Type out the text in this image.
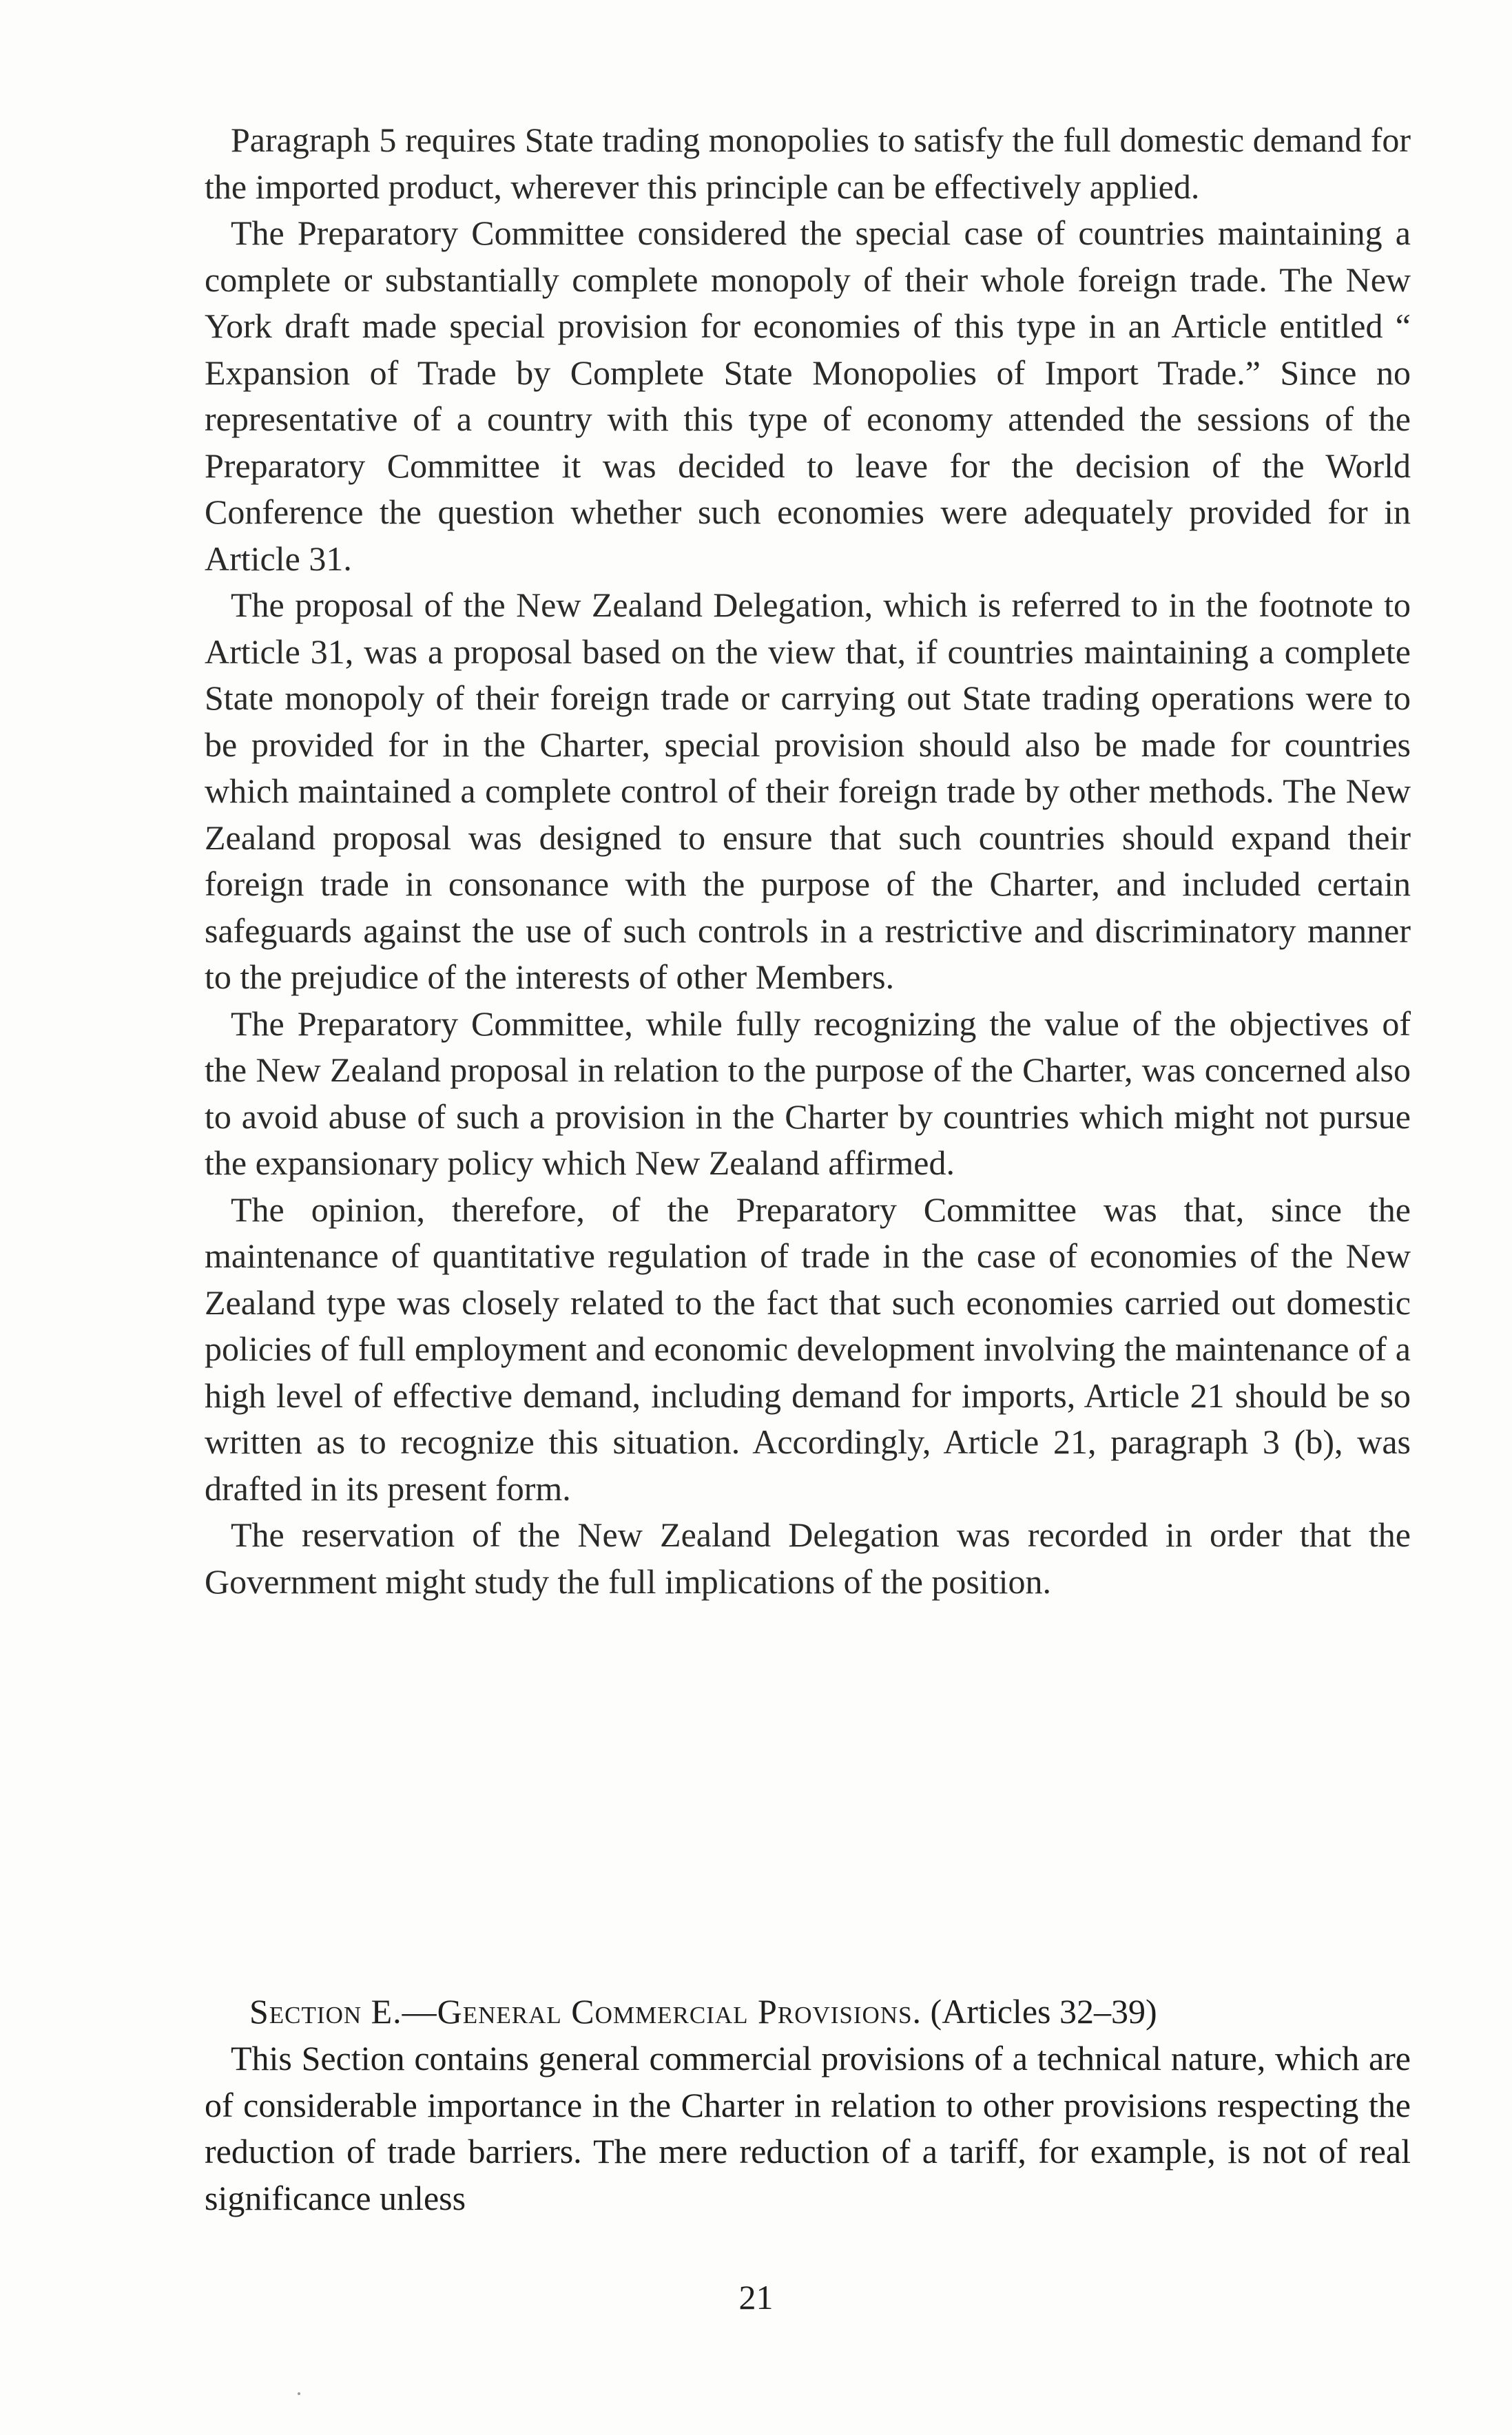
Paragraph 5 requires State trading monopolies to satisfy the full domestic demand for the imported product, wherever this principle can be effectively applied.

The Preparatory Committee considered the special case of countries maintaining a complete or substantially complete monopoly of their whole foreign trade. The New York draft made special provision for economies of this type in an Article entitled “ Expansion of Trade by Complete State Monopolies of Import Trade.” Since no representative of a country with this type of economy attended the sessions of the Preparatory Committee it was decided to leave for the decision of the World Conference the question whether such economies were adequately provided for in Article 31.

The proposal of the New Zealand Delegation, which is referred to in the footnote to Article 31, was a proposal based on the view that, if countries maintaining a complete State monopoly of their foreign trade or carrying out State trading operations were to be provided for in the Charter, special provision should also be made for countries which maintained a complete control of their foreign trade by other methods. The New Zealand proposal was designed to ensure that such countries should expand their foreign trade in consonance with the purpose of the Charter, and included certain safeguards against the use of such controls in a restrictive and discriminatory manner to the prejudice of the interests of other Members.

The Preparatory Committee, while fully recognizing the value of the objectives of the New Zealand proposal in relation to the purpose of the Charter, was concerned also to avoid abuse of such a provision in the Charter by countries which might not pursue the expansionary policy which New Zealand affirmed.

The opinion, therefore, of the Preparatory Committee was that, since the maintenance of quantitative regulation of trade in the case of economies of the New Zealand type was closely related to the fact that such economies carried out domestic policies of full employment and economic development involving the maintenance of a high level of effective demand, including demand for imports, Article 21 should be so written as to recognize this situation. Accordingly, Article 21, paragraph 3 (b), was drafted in its present form.

The reservation of the New Zealand Delegation was recorded in order that the Government might study the full implications of the position.

Section E.—General Commercial Provisions. (Articles 32–39)

This Section contains general commercial provisions of a technical nature, which are of considerable importance in the Charter in relation to other provisions respecting the reduction of trade barriers. The mere reduction of a tariff, for example, is not of real significance unless

21
